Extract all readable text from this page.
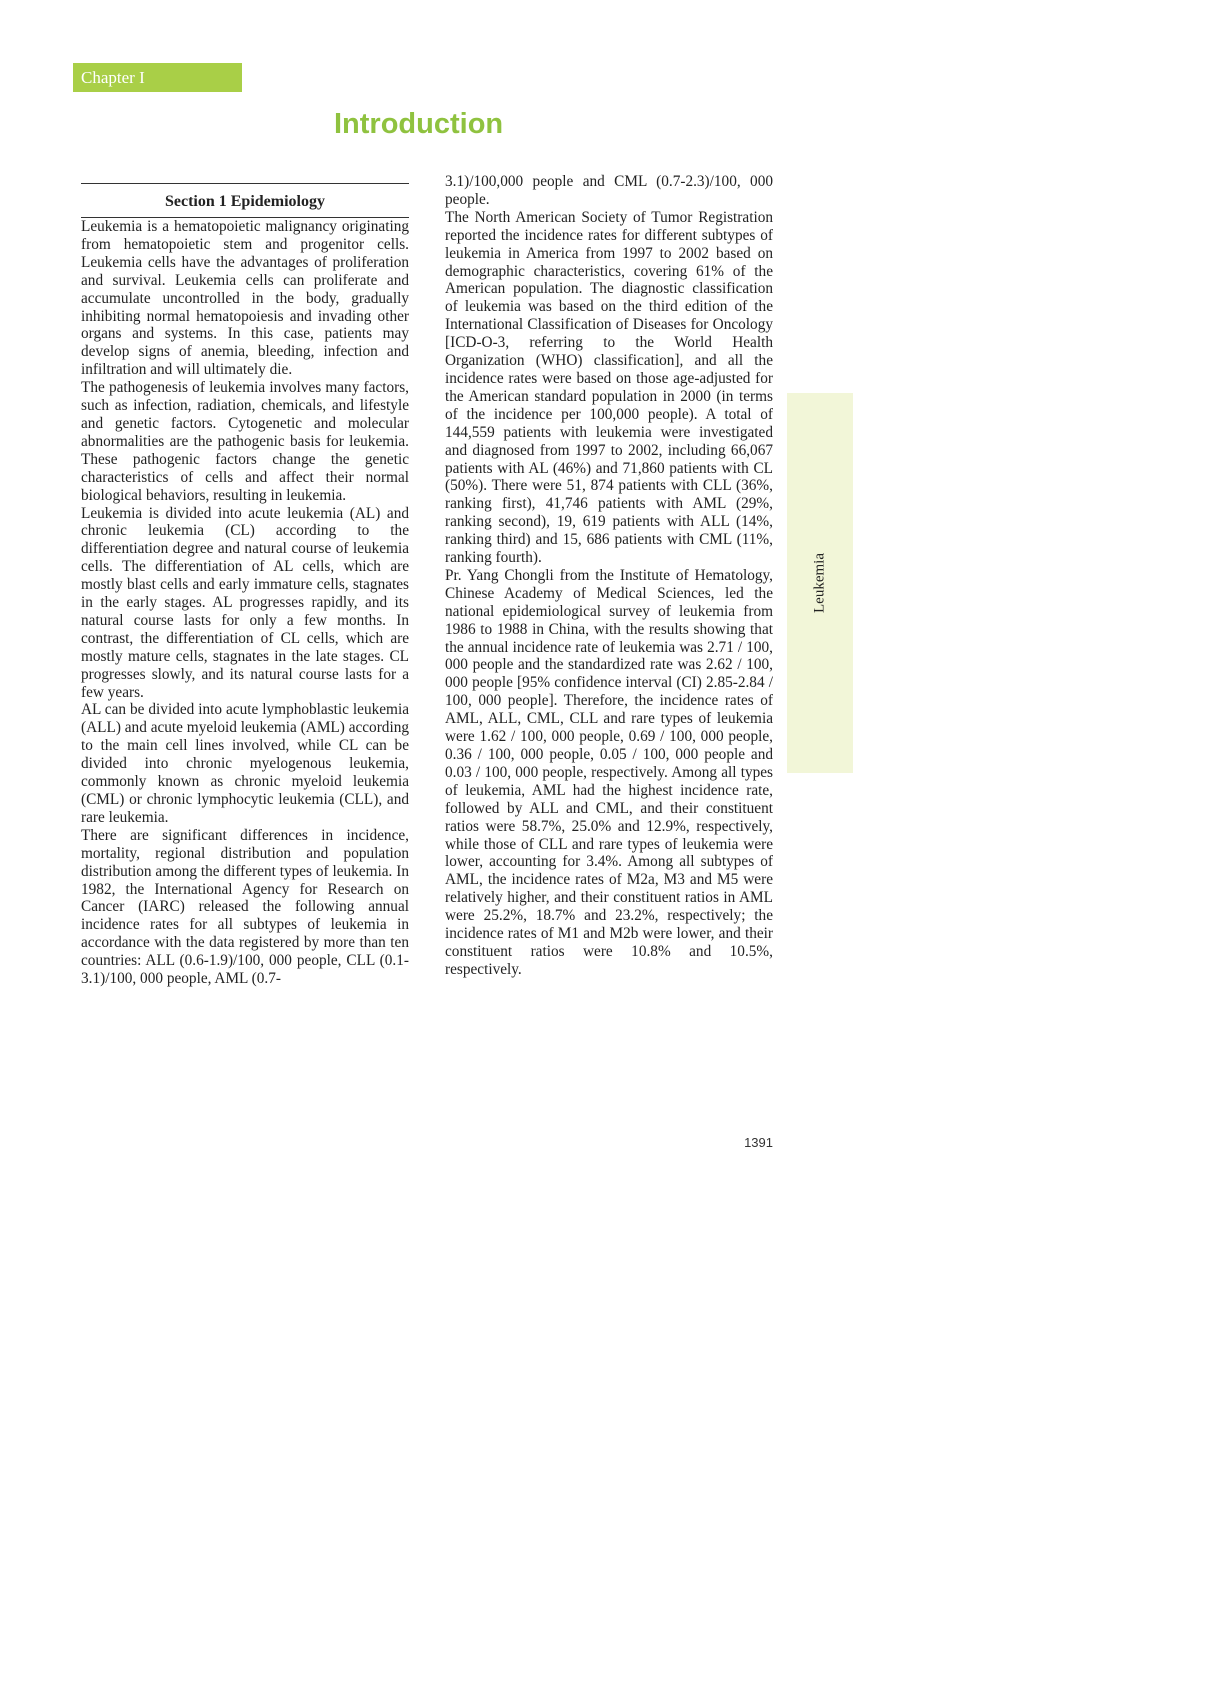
Chapter I
Introduction
Section 1 Epidemiology

Leukemia is a hematopoietic malignancy originating from hematopoietic stem and progenitor cells. Leukemia cells have the advantages of proliferation and survival. Leukemia cells can proliferate and accumulate uncontrolled in the body, gradually inhibiting normal hematopoiesis and invading other organs and systems. In this case, patients may develop signs of anemia, bleeding, infection and infiltration and will ultimately die.

The pathogenesis of leukemia involves many factors, such as infection, radiation, chemicals, and lifestyle and genetic factors. Cytogenetic and molecular abnormalities are the pathogenic basis for leukemia. These pathogenic factors change the genetic characteristics of cells and affect their normal biological behaviors, resulting in leukemia.

Leukemia is divided into acute leukemia (AL) and chronic leukemia (CL) according to the differentiation degree and natural course of leukemia cells. The differentiation of AL cells, which are mostly blast cells and early immature cells, stagnates in the early stages. AL progresses rapidly, and its natural course lasts for only a few months. In contrast, the differentiation of CL cells, which are mostly mature cells, stagnates in the late stages. CL progresses slowly, and its natural course lasts for a few years.

AL can be divided into acute lymphoblastic leukemia (ALL) and acute myeloid leukemia (AML) according to the main cell lines involved, while CL can be divided into chronic myelogenous leukemia, commonly known as chronic myeloid leukemia (CML) or chronic lymphocytic leukemia (CLL), and rare leukemia.

There are significant differences in incidence, mortality, regional distribution and population distribution among the different types of leukemia. In 1982, the International Agency for Research on Cancer (IARC) released the following annual incidence rates for all subtypes of leukemia in accordance with the data registered by more than ten countries: ALL (0.6-1.9)/100, 000 people, CLL (0.1-3.1)/100, 000 people, AML (0.7-

3.1)/100,000 people and CML (0.7-2.3)/100, 000 people.

The North American Society of Tumor Registration reported the incidence rates for different subtypes of leukemia in America from 1997 to 2002 based on demographic characteristics, covering 61% of the American population. The diagnostic classification of leukemia was based on the third edition of the International Classification of Diseases for Oncology [ICD-O-3, referring to the World Health Organization (WHO) classification], and all the incidence rates were based on those age-adjusted for the American standard population in 2000 (in terms of the incidence per 100,000 people). A total of 144,559 patients with leukemia were investigated and diagnosed from 1997 to 2002, including 66,067 patients with AL (46%) and 71,860 patients with CL (50%). There were 51, 874 patients with CLL (36%, ranking first), 41,746 patients with AML (29%, ranking second), 19, 619 patients with ALL (14%, ranking third) and 15, 686 patients with CML (11%, ranking fourth).

Pr. Yang Chongli from the Institute of Hematology, Chinese Academy of Medical Sciences, led the national epidemiological survey of leukemia from 1986 to 1988 in China, with the results showing that the annual incidence rate of leukemia was 2.71 / 100, 000 people and the standardized rate was 2.62 / 100, 000 people [95% confidence interval (CI) 2.85-2.84 / 100, 000 people]. Therefore, the incidence rates of AML, ALL, CML, CLL and rare types of leukemia were 1.62 / 100, 000 people, 0.69 / 100, 000 people, 0.36 / 100, 000 people, 0.05 / 100, 000 people and 0.03 / 100, 000 people, respectively. Among all types of leukemia, AML had the highest incidence rate, followed by ALL and CML, and their constituent ratios were 58.7%, 25.0% and 12.9%, respectively, while those of CLL and rare types of leukemia were lower, accounting for 3.4%. Among all subtypes of AML, the incidence rates of M2a, M3 and M5 were relatively higher, and their constituent ratios in AML were 25.2%, 18.7% and 23.2%, respectively; the incidence rates of M1 and M2b were lower, and their constituent ratios were 10.8% and 10.5%, respectively.

Leukemia
1391
